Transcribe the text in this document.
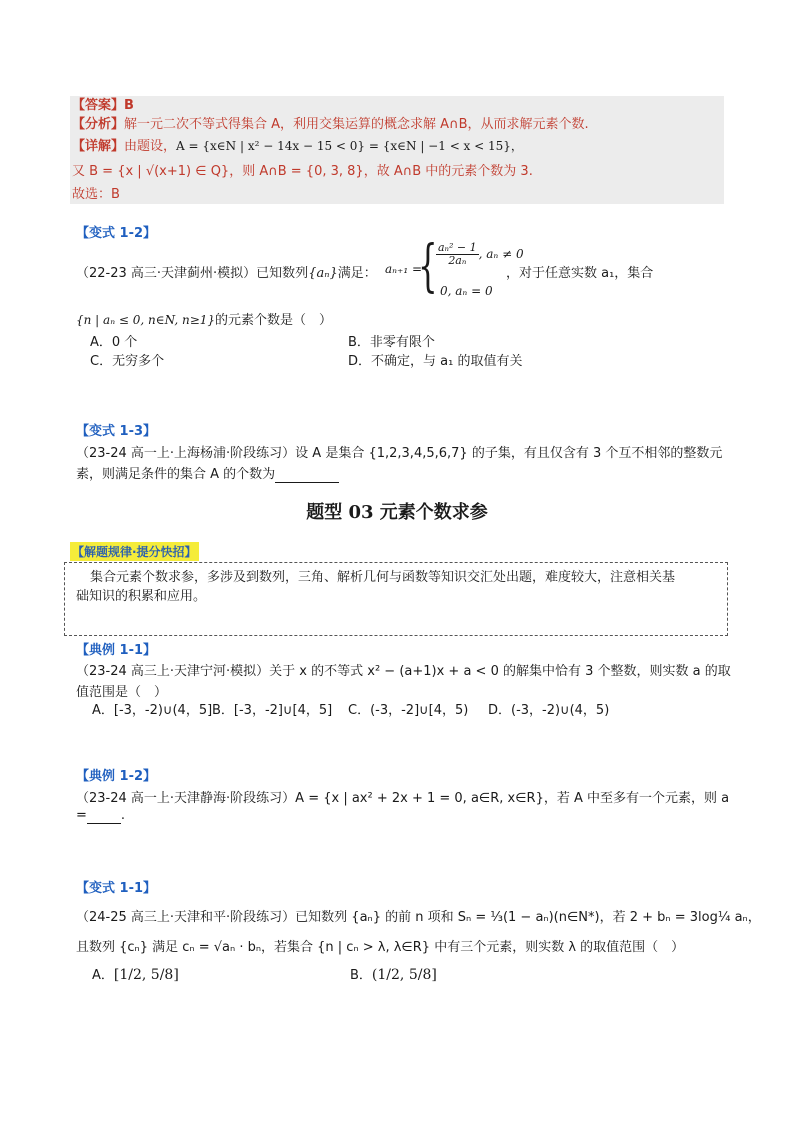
【答案】B
【分析】解一元二次不等式得集合 A，利用交集运算的概念求解 A∩B，从而求解元素个数.
【详解】由题设，A = {x∈N | x² − 14x − 15 < 0} = {x∈N | −1 < x < 15}，
又 B = {x | √(x+1) ∈ Q}，则 A∩B = {0, 3, 8}，故 A∩B 中的元素个数为 3.
故选：B
【变式 1-2】
（22-23 高三·天津蓟州·模拟）已知数列{aₙ}满足： aₙ₊₁ =
{
$\frac{\text{aₙ² − 1}}{\text{2aₙ}}$ , aₙ ≠ 0
0, aₙ = 0
，对于任意实数 a₁，集合
{n | aₙ ≤ 0, n∈N, n≥1}的元素个数是（　）
A．0 个	B．非零有限个
C．无穷多个	D．不确定，与 a₁ 的取值有关
【变式 1-3】
（23-24 高一上·上海杨浦·阶段练习）设 A 是集合 {1,2,3,4,5,6,7} 的子集，有且仅含有 3 个互不相邻的整数元
素，则满足条件的集合 A 的个数为
题型 03 元素个数求参
【解题规律·提分快招】
集合元素个数求参，多涉及到数列，三角、解析几何与函数等知识交汇处出题，难度较大，注意相关基
础知识的积累和应用。
【典例 1-1】
（23-24 高三上·天津宁河·模拟）关于 x 的不等式 x² − (a+1)x + a < 0 的解集中恰有 3 个整数，则实数 a 的取
值范围是（　）
A．[-3，-2)∪(4，5] B．[-3，-2]∪[4，5] C．(-3，-2]∪[4，5) D．(-3，-2)∪(4，5)
【典例 1-2】
（23-24 高一上·天津静海·阶段练习）A = {x | ax² + 2x + 1 = 0, a∈R, x∈R}，若 A 中至多有一个元素，则 a
=	.
【变式 1-1】
（24-25 高三上·天津和平·阶段练习）已知数列 {aₙ} 的前 n 项和 Sₙ = ⅓(1 − aₙ)(n∈N*)，若 2 + bₙ = 3log¼ aₙ，
且数列 {cₙ} 满足 cₙ = √aₙ · bₙ，若集合 {n | cₙ > λ, λ∈R} 中有三个元素，则实数 λ 的取值范围（　）
A．[1/2, 5/8]	B．(1/2, 5/8]
